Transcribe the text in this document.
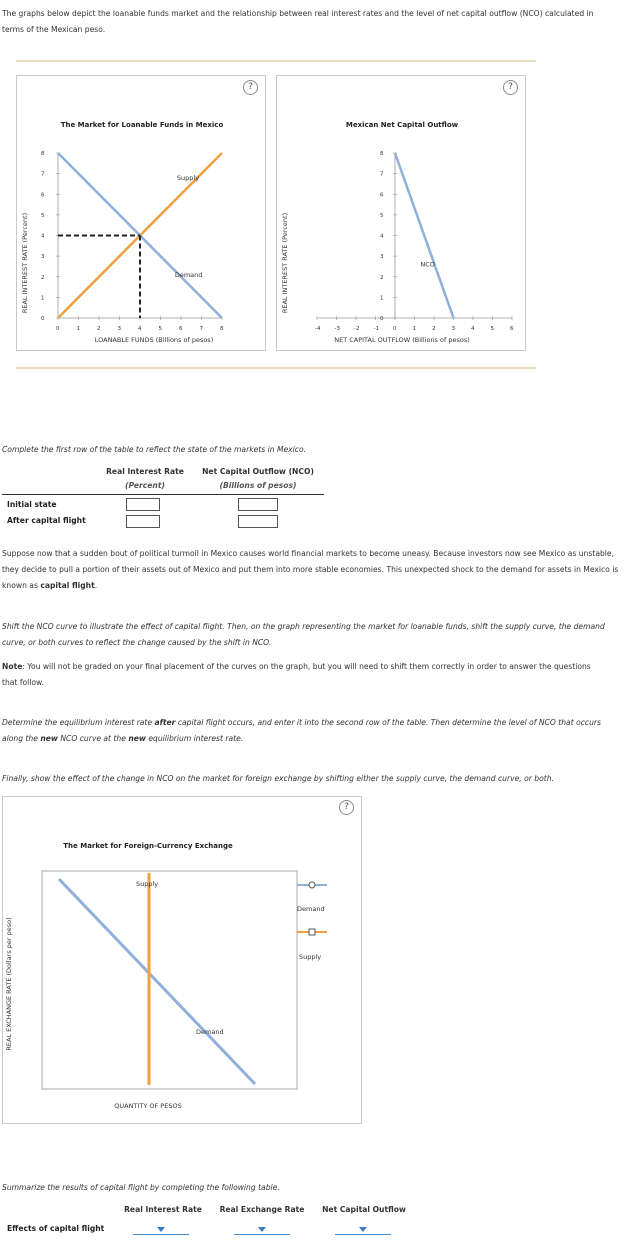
The graphs below depict the loanable funds market and the relationship between real interest rates and the level of net capital outflow (NCO) calculated in terms of the Mexican peso.
?
The Market for Loanable Funds in Mexico
REAL INTEREST RATE (Percent)
LOANABLE FUNDS (Billions of pesos)
0
1
2
3
4
5
6
7
8
0	1	2	3	4	5	6	7	8
+
Supply
Demand
?
Mexican Net Capital Outflow
REAL INTEREST RATE (Percent)
NET CAPITAL OUTFLOW (Billions of pesos)
0
1
2
3
4
5
6
7
8
-4	-3	-2	-1	0	1	2	3	4	5	6
NCO
Complete the first row of the table to reflect the state of the markets in Mexico.
Real Interest Rate
(Percent)
Net Capital Outflow (NCO)
(Billions of pesos)
Initial state
After capital flight
Suppose now that a sudden bout of political turmoil in Mexico causes world financial markets to become uneasy. Because investors now see Mexico as unstable, they decide to pull a portion of their assets out of Mexico and put them into more stable economies. This unexpected shock to the demand for assets in Mexico is known as capital flight.
Shift the NCO curve to illustrate the effect of capital flight. Then, on the graph representing the market for loanable funds, shift the supply curve, the demand curve, or both curves to reflect the change caused by the shift in NCO.
Note: You will not be graded on your final placement of the curves on the graph, but you will need to shift them correctly in order to answer the questions that follow.
Determine the equilibrium interest rate after capital flight occurs, and enter it into the second row of the table. Then determine the level of NCO that occurs along the new NCO curve at the new equilibrium interest rate.
Finally, show the effect of the change in NCO on the market for foreign exchange by shifting either the supply curve, the demand curve, or both.
?
The Market for Foreign-Currency Exchange
REAL EXCHANGE RATE (Dollars per peso)
QUANTITY OF PESOS
Supply
Demand
Demand
Supply
Summarize the results of capital flight by completing the following table.
Real Interest Rate	Real Exchange Rate	Net Capital Outflow
Effects of capital flight
